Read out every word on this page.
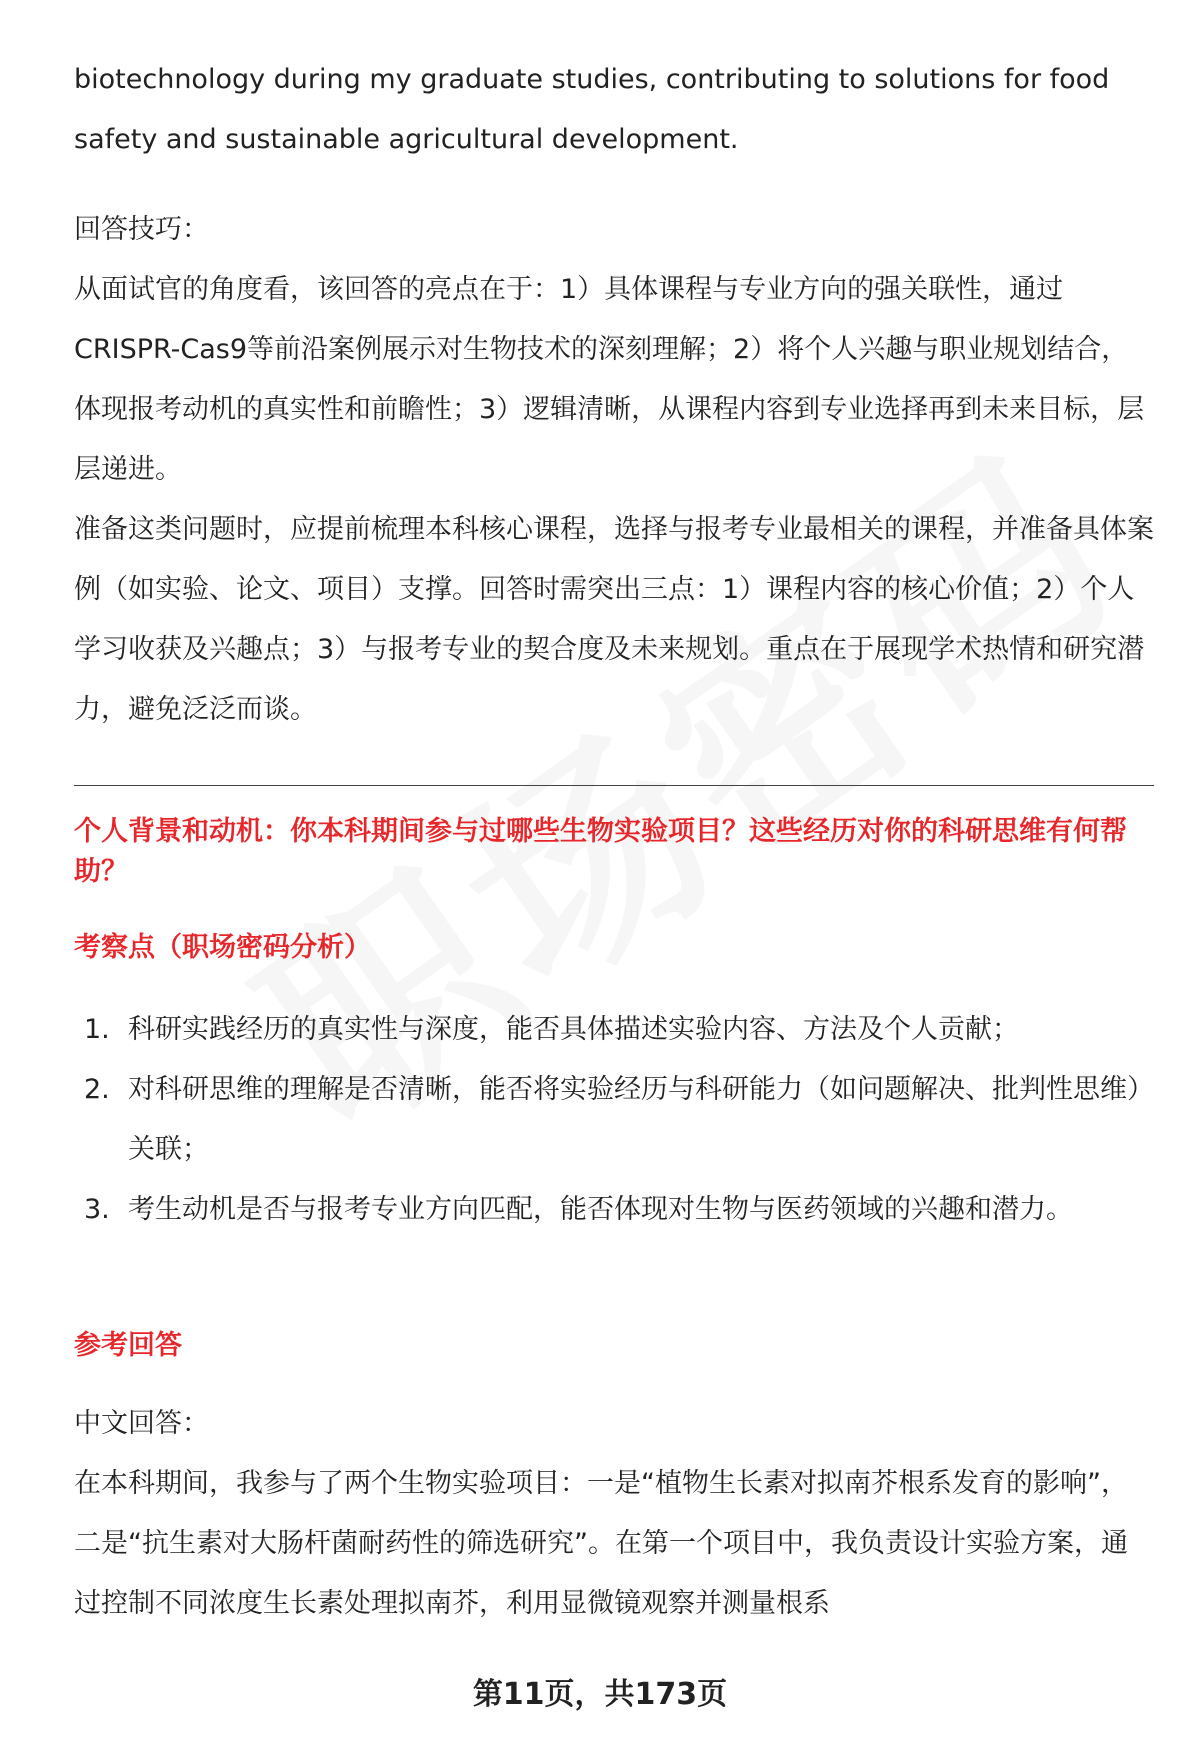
biotechnology during my graduate studies, contributing to solutions for food safety and sustainable agricultural development.

回答技巧：

从面试官的角度看，该回答的亮点在于：1）具体课程与专业方向的强关联性，通过CRISPR-Cas9等前沿案例展示对生物技术的深刻理解；2）将个人兴趣与职业规划结合，体现报考动机的真实性和前瞻性；3）逻辑清晰，从课程内容到专业选择再到未来目标，层层递进。

准备这类问题时，应提前梳理本科核心课程，选择与报考专业最相关的课程，并准备具体案例（如实验、论文、项目）支撑。回答时需突出三点：1）课程内容的核心价值；2）个人学习收获及兴趣点；3）与报考专业的契合度及未来规划。重点在于展现学术热情和研究潜力，避免泛泛而谈。

个人背景和动机：你本科期间参与过哪些生物实验项目？这些经历对你的科研思维有何帮助？

考察点（职场密码分析）

1. 科研实践经历的真实性与深度，能否具体描述实验内容、方法及个人贡献；
2. 对科研思维的理解是否清晰，能否将实验经历与科研能力（如问题解决、批判性思维）关联；
3. 考生动机是否与报考专业方向匹配，能否体现对生物与医药领域的兴趣和潜力。

参考回答

中文回答：

在本科期间，我参与了两个生物实验项目：一是“植物生长素对拟南芥根系发育的影响”，二是“抗生素对大肠杆菌耐药性的筛选研究”。在第一个项目中，我负责设计实验方案，通过控制不同浓度生长素处理拟南芥，利用显微镜观察并测量根系

第11页，共173页
